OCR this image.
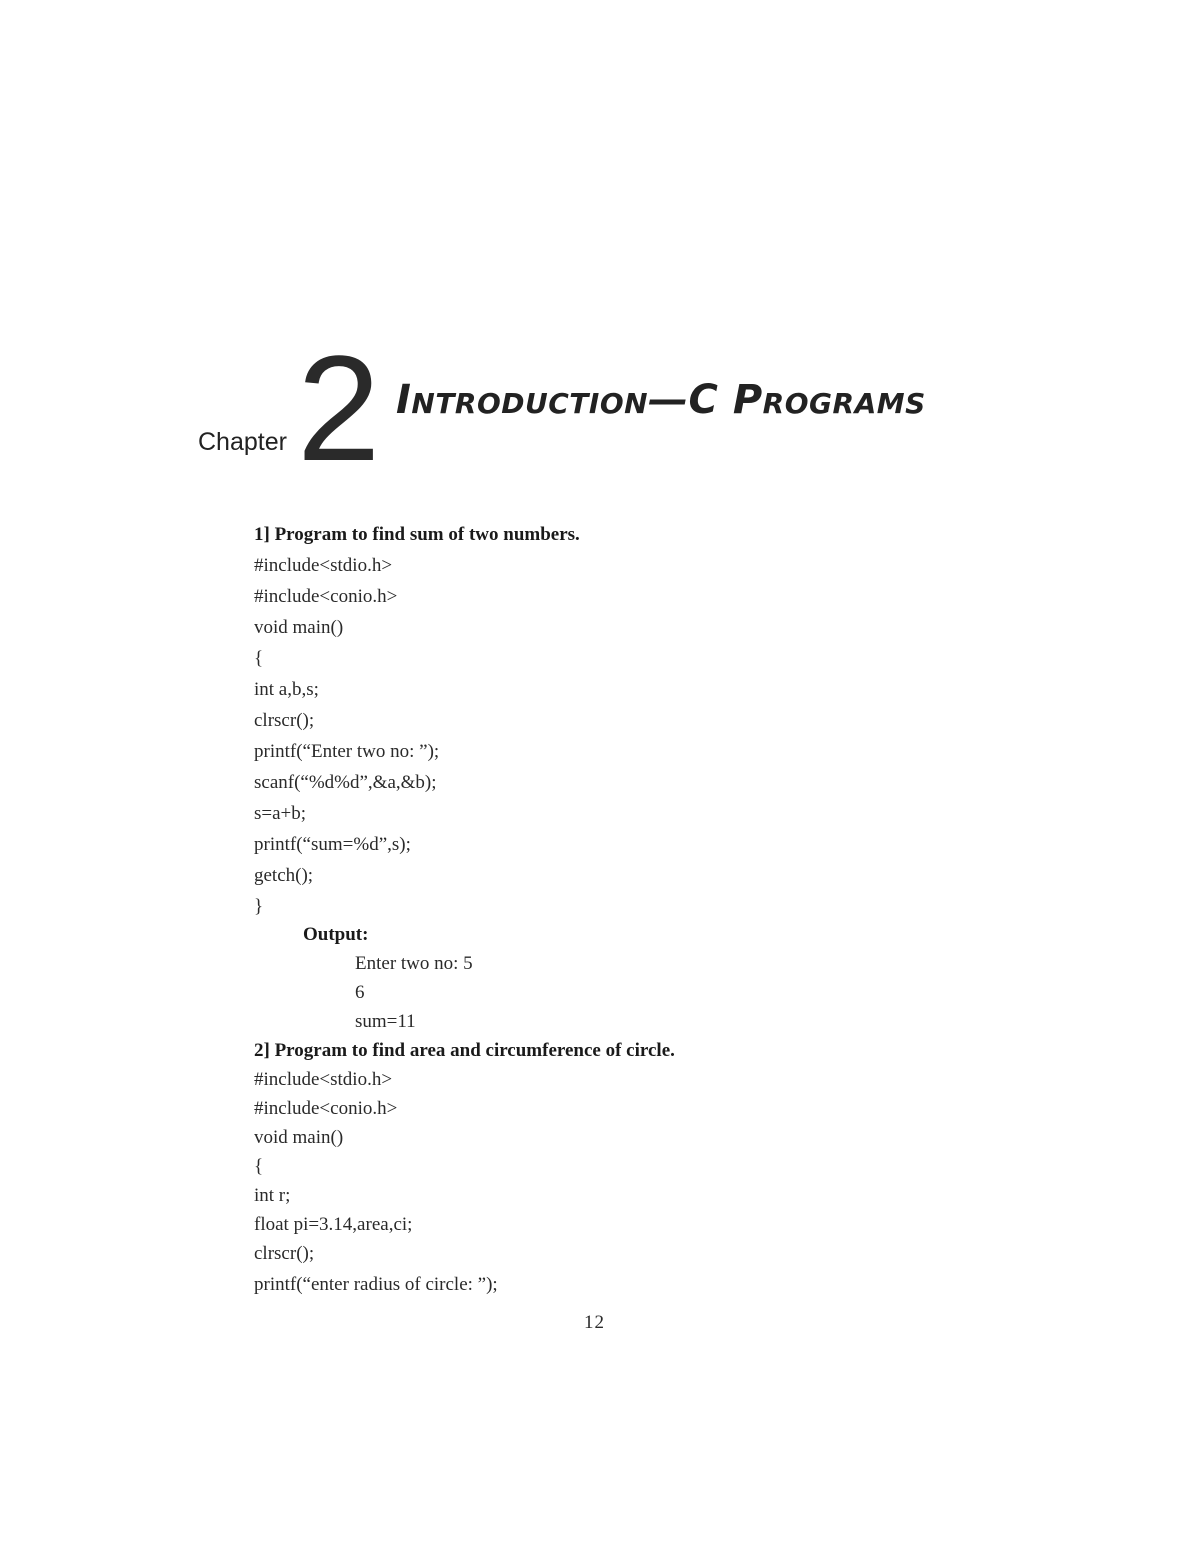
Chapter 2 Introduction—C Programs
1] Program to find sum of two numbers.
#include<stdio.h>
#include<conio.h>
void main()
{
int a,b,s;
clrscr();
printf(“Enter two no: ”);
scanf(“%d%d”,&a,&b);
s=a+b;
printf(“sum=%d”,s);
getch();
}
Output:
Enter two no: 5
6
sum=11
2] Program to find area and circumference of circle.
#include<stdio.h>
#include<conio.h>
void main()
{
int r;
float pi=3.14,area,ci;
clrscr();
printf(“enter radius of circle: ”);
12
